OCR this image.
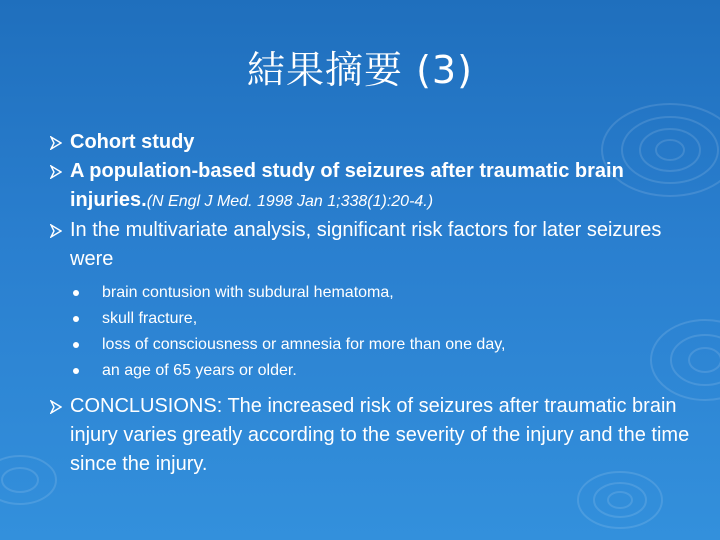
結果摘要 (3)
Cohort study
A population-based study of seizures after traumatic brain injuries.(N Engl J Med. 1998 Jan 1;338(1):20-4.)
In the multivariate analysis, significant risk factors for later seizures were
brain contusion with subdural hematoma,
skull fracture,
loss of consciousness or amnesia for more than one day,
an age of 65 years or older.
CONCLUSIONS: The increased risk of seizures after traumatic brain injury varies greatly according to the severity of the injury and the time since the injury.
